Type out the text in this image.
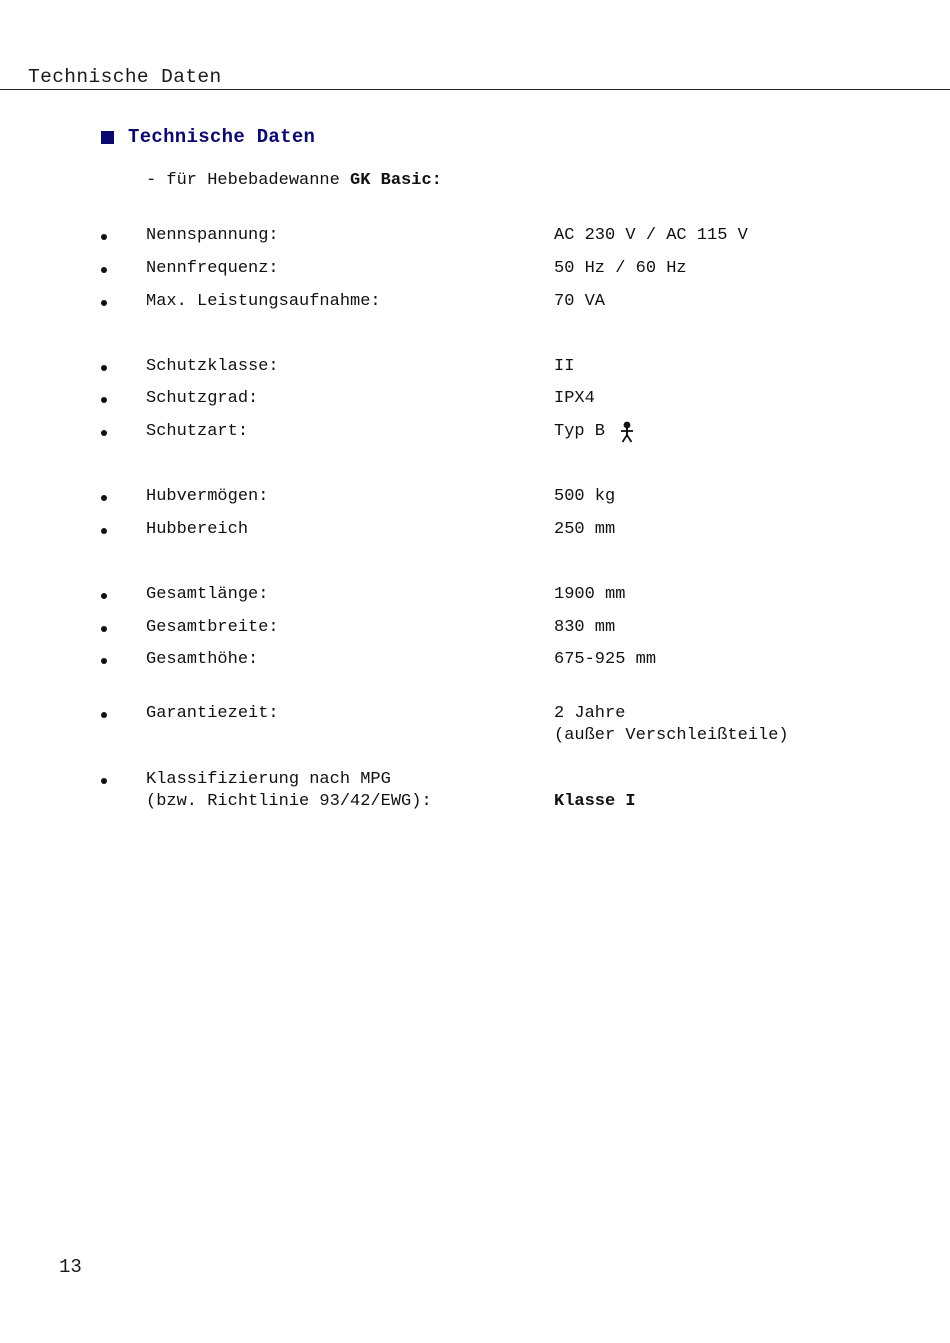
Technische Daten
Technische Daten
- für Hebebadewanne GK Basic:
Nennspannung:	AC 230 V / AC 115 V
Nennfrequenz:	50 Hz / 60 Hz
Max. Leistungsaufnahme:	70 VA
Schutzklasse:	II
Schutzgrad:	IPX4
Schutzart:	Typ B
Hubvermögen:	500 kg
Hubbereich	250 mm
Gesamtlänge:	1900 mm
Gesamtbreite:	830 mm
Gesamthöhe:	675-925 mm
Garantiezeit:	2 Jahre
(außer Verschleißteile)
Klassifizierung nach MPG
(bzw. Richtlinie 93/42/EWG):	Klasse I
13
